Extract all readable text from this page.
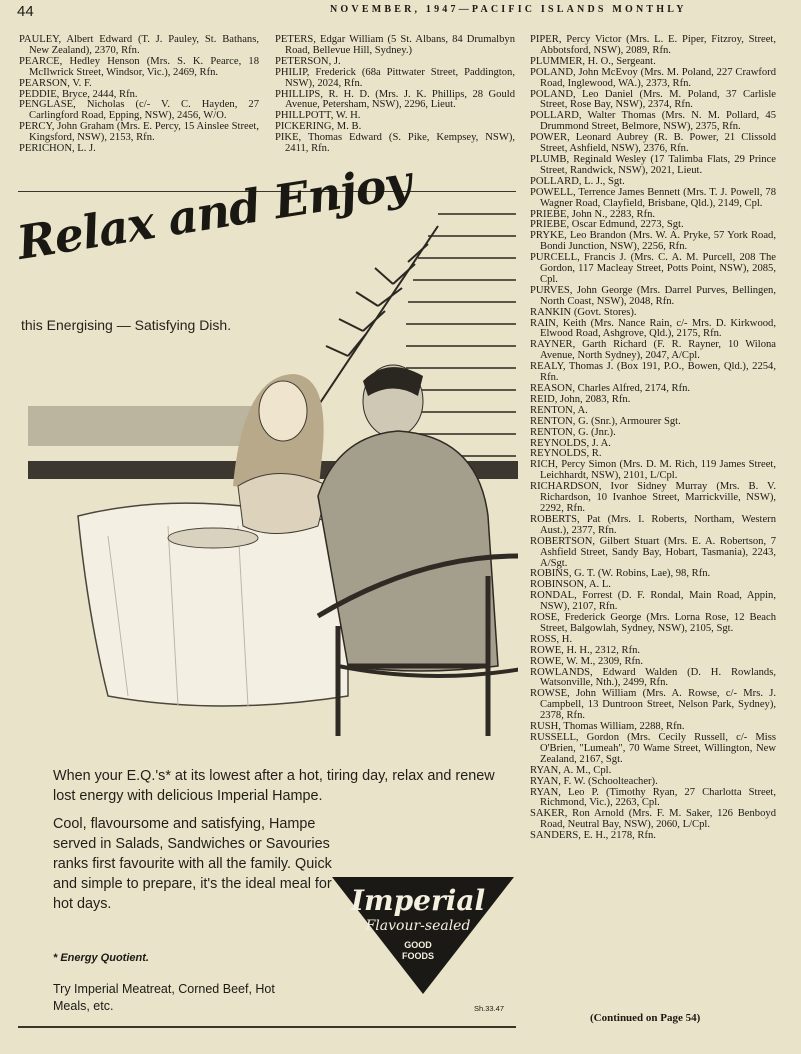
44	NOVEMBER, 1947—PACIFIC ISLANDS MONTHLY

PAULEY, Albert Edward (T. J. Pauley, St. Bathans, New Zealand), 2370, Rfn.

PEARCE, Hedley Henson (Mrs. S. K. Pearce, 18 McIlwrick Street, Windsor, Vic.), 2469, Rfn.

PEARSON, V. F.

PEDDIE, Bryce, 2444, Rfn.

PENGLASE, Nicholas (c/- V. C. Hayden, 27 Carlingford Road, Epping, NSW), 2456, W/O.

PERCY, John Graham (Mrs. E. Percy, 15 Ainslee Street, Kingsford, NSW), 2153, Rfn.

PERICHON, L. J.

PETERS, Edgar William (5 St. Albans, 84 Drumalbyn Road, Bellevue Hill, Sydney.)

PETERSON, J.

PHILIP, Frederick (68a Pittwater Street, Paddington, NSW), 2024, Rfn.

PHILLIPS, R. H. D. (Mrs. J. K. Phillips, 28 Gould Avenue, Petersham, NSW), 2296, Lieut.

PHILLPOTT, W. H.

PICKERING, M. B.

PIKE, Thomas Edward (S. Pike, Kempsey, NSW), 2411, Rfn.

PIPER, Percy Victor (Mrs. L. E. Piper, Fitzroy, Street, Abbotsford, NSW), 2089, Rfn.

PLUMMER, H. O., Sergeant.

POLAND, John McEvoy (Mrs. M. Poland, 227 Crawford Road, Inglewood, WA.), 2373, Rfn.

POLAND, Leo Daniel (Mrs. M. Poland, 37 Carlisle Street, Rose Bay, NSW), 2374, Rfn.

POLLARD, Walter Thomas (Mrs. N. M. Pollard, 45 Drummond Street, Belmore, NSW), 2375, Rfn.

POWER, Leonard Aubrey (R. B. Power, 21 Clissold Street, Ashfield, NSW), 2376, Rfn.

PLUMB, Reginald Wesley (17 Talimba Flats, 29 Prince Street, Randwick, NSW), 2021, Lieut.

POLLARD, L. J., Sgt.

POWELL, Terrence James Bennett (Mrs. T. J. Powell, 78 Wagner Road, Clayfield, Brisbane, Qld.), 2149, Cpl.

PRIEBE, John N., 2283, Rfn.

PRIEBE, Oscar Edmund, 2273, Sgt.

PRYKE, Leo Brandon (Mrs. W. A. Pryke, 57 York Road, Bondi Junction, NSW), 2256, Rfn.

PURCELL, Francis J. (Mrs. C. A. M. Purcell, 208 The Gordon, 117 Macleay Street, Potts Point, NSW), 2085, Cpl.

PURVES, John George (Mrs. Darrel Purves, Bellingen, North Coast, NSW), 2048, Rfn.

RANKIN (Govt. Stores).

RAIN, Keith (Mrs. Nance Rain, c/- Mrs. D. Kirkwood, Elwood Road, Ashgrove, Qld.), 2175, Rfn.

RAYNER, Garth Richard (F. R. Rayner, 10 Wilona Avenue, North Sydney), 2047, A/Cpl.

REALY, Thomas J. (Box 191, P.O., Bowen, Qld.), 2254, Rfn.

REASON, Charles Alfred, 2174, Rfn.

REID, John, 2083, Rfn.

RENTON, A.

RENTON, G. (Snr.), Armourer Sgt.

RENTON, G. (Jnr.).

REYNOLDS, J. A.

REYNOLDS, R.

RICH, Percy Simon (Mrs. D. M. Rich, 119 James Street, Leichhardt, NSW), 2101, L/Cpl.

RICHARDSON, Ivor Sidney Murray (Mrs. B. V. Richardson, 10 Ivanhoe Street, Marrickville, NSW), 2292, Rfn.

ROBERTS, Pat (Mrs. I. Roberts, Northam, Western Aust.), 2377, Rfn.

ROBERTSON, Gilbert Stuart (Mrs. E. A. Robertson, 7 Ashfield Street, Sandy Bay, Hobart, Tasmania), 2243, A/Sgt.

ROBINS, G. T. (W. Robins, Lae), 98, Rfn.

ROBINSON, A. L.

RONDAL, Forrest (D. F. Rondal, Main Road, Appin, NSW), 2107, Rfn.

ROSE, Frederick George (Mrs. Lorna Rose, 12 Beach Street, Balgowlah, Sydney, NSW), 2105, Sgt.

ROSS, H.

ROWE, H. H., 2312, Rfn.

ROWE, W. M., 2309, Rfn.

ROWLANDS, Edward Walden (D. H. Rowlands, Watsonville, Nth.), 2499, Rfn.

ROWSE, John William (Mrs. A. Rowse, c/- Mrs. J. Campbell, 13 Duntroon Street, Nelson Park, Sydney), 2378, Rfn.

RUSH, Thomas William, 2288, Rfn.

RUSSELL, Gordon (Mrs. Cecily Russell, c/- Miss O'Brien, "Lumeah", 70 Wame Street, Willington, New Zealand, 2167, Sgt.

RYAN, A. M., Cpl.

RYAN, F. W. (Schoolteacher).

RYAN, Leo P. (Timothy Ryan, 27 Charlotta Street, Richmond, Vic.), 2263, Cpl.

SAKER, Ron Arnold (Mrs. F. M. Saker, 126 Benboyd Road, Neutral Bay, NSW), 2060, L/Cpl.

SANDERS, E. H., 2178, Rfn.

Relax and Enjoy
this Energising — Satisfying Dish.

When your E.Q.'s* at its lowest after a hot, tiring day, relax and renew lost energy with delicious Imperial Hampe.

Cool, flavoursome and satisfying, Hampe served in Salads, Sandwiches or Savouries ranks first favourite with all the family. Quick and simple to prepare, it's the ideal meal for hot days.

* Energy Quotient.
Try Imperial Meatreat, Corned Beef, Hot Meals, etc.
Imperial
Flavour-sealed
GOOD
FOODS
Sh.33.47
(Continued on Page 54)
